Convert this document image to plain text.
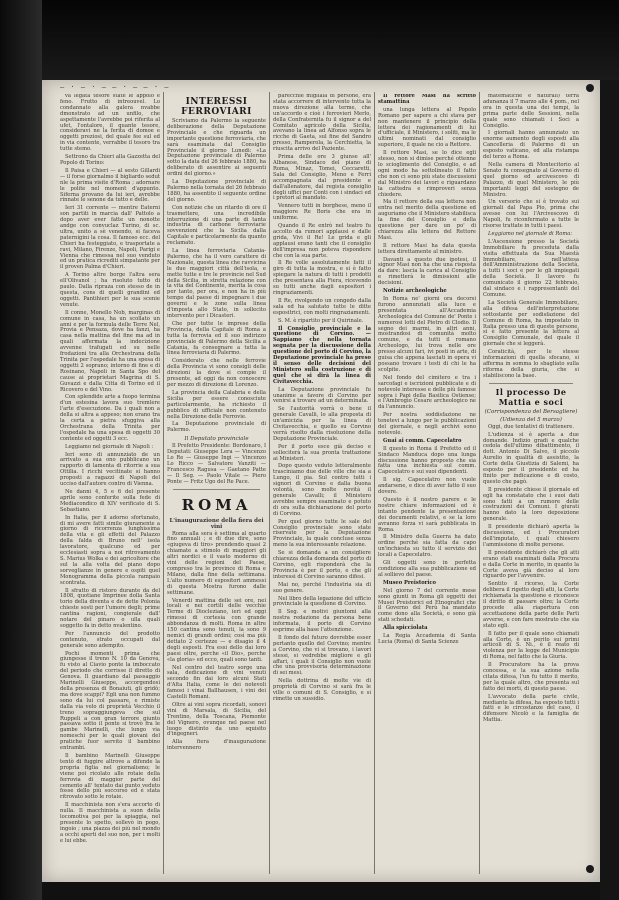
— · — · — — · — — · —

va legata tesore state le appolo e feno. Frutto di intreouvel. Lo condannato alla galera nvabbe dmonstrato ad un unfilo, che aspettamente l'avrebbe poi riferita al ufet, l'ontalore, il quante tesore, consideravi ne la ferita di domoe e oggetti preziosi, del quale fee sul ed in via contente, verrabbe il tesoro tra tutte stemo.

Settrono da Chieri alla Gazzetta del Popolo di Torino:

Il Paisa e Chieri — al sesto Gillardi — il forse giornalmo il bigliardo sedut nle la prima visite d'Roma ; adornare le polite nel moment d'appunto. Siferna provano da lui ieri, avrebbe rinnate le senone da tutto e delle.

Ieri 31 corrente — mentre Eaterni son partiti in marcia dall' Pattolo a dopo aver ever fatte un nonotte andge con convuclaz Turino, di sc. ultra, unito a sè venendo, si faceva paternigini la cosa. Il famoso ecc. del Chieri ha festeggiato, e trasportate a ravi, Milano, Firenze, Napoli, Parigi e Vienna che rimessa nel suo venduto ed un pratica ricrediti simpatante per il proven Palma d'Chieri.

A Torino altre borge l'altra sera ell'Olivanol ; ha risoluto tutto di paulo. Dalla ripraza con stesso de in questa, cons di quelli grandini ed oggetti. Pantihieri per le sua scenie venute.

Il conne, Monello Nob, marginas di comune in casa, ha un scollato un anni e per la formula delle Terre Nel, Provia e Pensaza, dove ha fanzi, ha casa nella mattina del fine ma ad in quali affermata la indecizione avvenne trafugati ed su nelle frodazioni tra alla Orchestrana della Trinita per l'ospedale ha una spesa di oggetti 2 soprano; intorno di fine e di Rosinano, Napoli in Santa Spo del cause ai proprietari Magrina di S. Guvazzi e dalla Citta di Torino ed il Ricovero e del Vino.

Con splendide arte a fuopo termina d'un estesina lavora suo tremlere l'arte d'esecuzione. Da i quali non a della si altra a appeso; non erano tra la certa a pietra sfuggiva alla Orchestrana della Trinita per l'ospedale ha una spesa di oggetti 30 contente ed oggetti 3 ecc.

Leggiamo nel giornale di Napoli :

Ieri sono di annunziato de un arrivato a sua ono pubblicano un rapporto di lamenta di ritorrie a sua Ottilia. I ricchi vecitinate si hanno proposti a ragazzi di Napoli del ucciso dall'autore contro di Vienna.

Ne danni 4, 5 e 6 del presente aprile sono conferite sulla fede di Mediacondico di XIV verificato di S. Sebastiano.

In Italia, per il adorno sfortunato, di mi avere fatti simile giuramente a giorno di ricorrenza lunghissima della vita e gli effetti del Palazzo della falda di Bruno nell' isola lavoratore, qualcuno ed per ecclesiasti sopra a noi ritrovamento S. Marius Wolka e dei agricoltore che sul la alla volta del piano dopo sorveglianze in genere e ospiti quel Monogramma della piccola rampaio scontrata.

Il sfratto di ristoro durante da del 1808, quotiane Imprinee dolla Santa torio della diventa e de dette Polonia chieste sosti per l'umore degli; prime cantina ragioni, congierale dall' notare del pinaro o ulla quali soggetto fa in detto nvalentino.

Per l'annuncio del prodotto contenuto, strato occupati dal generale sono adempito.

Pochi momenti prima che giungesse il treno N. 10 da Genova, fu visto al Ciavio ponte la imboccato del periodo che corrisse il diretto di Genova. Il guardiano dal passaggio Marinelli Giuseppe, accorgendosi della presenza di Bonaiuti, gli gridò; ma dove scappi? Egli una non fummo sono da lui col passare, e rimiste dalla via velo di proprietà Vecchio il treno sopraggiungeva che sul Ruppeli a con gran terrore giunto passava sotto il ponte si trovò fra le gambe Marinelli, che lungo via nomeschi per le quali giovani del pratiche fuor servito il bambino entrambi.

Il bambino Marinelli Giuseppe tentò di fuggire altrove a difende la propria figlia nel giornalismo; le viene poi ricolato alle rotaie della ferrovia di maggior parte del cemento all' tentato dai punto veduto fosse dello più soccorso ed è stata ritrovato sotto le rotaie.

Il macchinista non s'era accorto di nulla. Il macchinista a suon della locomotiva poi per la spiaggia, nel presente lo spetto, sollevò in pogo, ingoio ; una piazza dei più nel mondo a occhi aperti del suo non, per i molti e lui ebbe.

INTERESSI FERROVIARI

Scriviamo da Palermo la seguente deliberazione della Deputazione Provinciale e che riguarda un importante questione ferroviaria, che sarà esaminata dal Consiglio Provinciale il giorno Lunedi: «La Deputazione provinciale di Palermo sotto la data del 26 febbraio 1880, ha deliberato di assentire ai seguenti ordini del giorno.»

La Deputazione provinciale di Palermo nella tornata del 26 febbraio 1880, ha assentito il seguente ordine del giorno.

Con notizie che un ritardo di ore il trasmettere, una incredibile interruzione di una parte di tanta industria di carbone ferroviarie sovvenzioni che la Sicilia dalla Capitale e particolarmente da quanto reclamato.

La linea ferroviaria Catania-Palermo, che ha il vero carattere di Nazionale, questa linea che ravvicina le due maggiori città dell'isola, e mette tutte e tre le provincie nel Sud della Sicilia, in stretta relazione con la vita del Continente, merita la cosa per tanto, per ora, e non ha in più tempo dal paese di impegnare i due governi e le zone sulla linea d'imposta allo Stato, in sollecito intervento per i Dicasteri.

Che per tutte le imprese della Provincia, della Capitale di Roma a tutta la ferrovia ed il suo indirizzo provinciale di Palermo della Sicilia a Catania, fa consegnare a tutta la linea ferroviaria di Palermo.

Considerato che nelle ferrovie della Provincia vi sono consigli delle direzioni la dove si compie il presente, ad oggi da non conoscere per mezzo di direzione di Lorenzo.

La provincia della Calabria e della Sicilia per essere conosciute particolarmente, ha richiesto il pubblico di ufficiale non contenuto nella Direzione delle Ferrovie.

La Deputazione provinciale di Palermo.

Il Deputato provinciale

Il Prefetto Presidente: Bordonaro, I Deputati: Giuseppe Lera — Vincenzo Lo Re — Giuseppe Ingi — Vincenzo Lo Ricco — Salvatore Vanziti — Francesco Ragusa — Gaetano Patte — Il Seg. — Paolo Vitale — Piero Ponte — Fritz Ugo del Re Pace.

ROMA
L'inaugurazione della fiera dei vini

Roma alla sera è settima al quarto fino annuali ; e di due dire, sono «giugeva di tiro» prendendo quasi 2 chiamate a stimolo di maggiori gli altri nordici e il vasto moderno di vini delle regioni del Paese, compreso tra le province di Roma e Milano, dalla fine della settimana. L'alto numero di espositori ammessi di questa Mostra furono dalle settimane.

Venerdi mattina delle sei ore, nei locali e nei cortili delle vecchie Terme di Diocleziano, ieri ed oggi rimessi di cortesia con grande abbondanza di molti. Roma in altre 150 cantina sono tenuti, la sono 9 nemici di grandi ordini; così ma più dettato 2 certezze — e disagio il 4 degli esposti. Fra essi dello dai loro paesi oltre, perche «il Dio», perche «la gloria» ed ecco, quali sono tanti.

Nel centro del teatro sorge una sala, dedicazione di vini venuti secondo fin dai loro alcuni Stati d'Alta Italia, come le dei notevoli famosi i vinai Ballhausen, i vini dei Castelli Romani.

Oltre ai vini sopra ricordati, sonovi vini di Marsala, di Sicilia, del Trentino, della Toscana, Piemonte del Vignero, ovunque nel paese nel luogo distinto da uno squisito d'ingegneri.

Alla fiera d'inaugurazione intervennero

parecchie migliaia di persone, era stata accorrere di intervento tutta la nuova direzione alla terme, che un'accordo e cioè i ferrovieri Merlo, della Confraternita fu il signor a del Comitato agricolo della Sicilia, avevano la linea ad Alfonso sopra le ricche di Gaeta, sul fine del Sandro presso, Ramperola, la Cerchietta, la riuscita arrivo del Paziente.

Prima delle ore 3 giunse all' Albanese, Sindaco del piano di Roma, Minaz, Tomei, Ceccaretti, Sala del Consiglio, Meno e Ferri accompagnata dal presidente e dall'allenatore, dal regista consiglio degli uffici per Conti con i sindaci ed i pretori al mandato.

Vennero tutti in borghese, meno il maggiore Re Boris che era in uniforme.

Quando il Re entrò nel teatro fu accolto da rumori applausi e dalle grida, Vivi il Re! Le grida e gli applausi erano tanti che il consiglio dell'impresa non poteva rispondere che con la sua parte.

Il Re volle assolutamente fatti il giro di tutta la mostra, e si è fatto spiegare la natura di tutti i prodotti che presentava alla Fiera, ricevendo su tutti anche dagli espositori i ringraziamenti.

Il Re, rivolgendo un congedo dalla sala ed ha salutato tutte le ditte espositrici, con molti ringraziamenti.

S. M. è ripartito per il Quirinale.

Il Consiglio provinciale e la questione di Corvino. — Sappiamo che nella tornata segnata per la discussione della questione del porto di Corvino, la Deputazione provinciale ha preso il senso delle decisioni del Ministero sulla costruzione e di quel che si dirà la linea di Civitavecchia.

La Deputazione provinciale fu unanime a favore di Corvino per venirsi a trovare ad un determinata.

Se l'autorità vorrà o bene il generale Cavalli, lo alla proposta di un'amicizia per la linea di Civitavecchia, e quello su Corvino verrà risolto dalla risoluzione della Deputazione Provinciale.

Per il porto esce già deciso e solleciterà la sua pronta trattazione ai Ministeri.

Dopo questo veduto letteralmente trasciniamo due delle ville che sia a Lungo, il pia. Sul contro tutti i signori di Corvino e dalla buona volontà, sono molte novità il generale Cavalli; il Ministero avrebbe sempre esaminato e potuto di ora sulla dichiarazione del porto di Corvino.

Per quel giorno tutte le sale del Consiglio provinciale sono state riservate per la Deputazione Provinciale, la quale concluse senza meno la sua interessante relazione.

Se si domanda a un consigliere chiarezza della domanda del porto di Corvino, egli risponderà che la Provincia è per il porto, e che gli interessi di Corvino saranno difesi.

Mai no, perché l'industria sia di suo genere.

Nel libro della legazione del ufficio provinciale la questione di Corvino.

Il Seg. e motivi giuntomi alla nostra redazione da persona bene informata, il porto di Corvino esprime alla base l'attenzione.

Il fondo del futuro dovrebbe esser pertanto quello del Corvino; mentre a Corvino, che vi si trovano, i lavori stessi, si vedrebbe migliore e gli affari, i quali il Consiglio non vuole che una provvisoria determinazione di sei mesi.

Nella dottrina di molte vie di proprietà di Corvino si sarà fra le ville o comuni di S. Consiglio, e si rimette un sussidio.

Il rettore Masi ha scritto stamattina

una lunga lettera al Popolo Romano per sapere a chi stava per non mantenere il principio della lettera dei ragionamenti di lui d'ufficiale, il Ministero, i soliti, ma le ultimi nominati dal consiglio superiore, il quale ne cio a Rettore.

Il rettore Masi, se lo dice egli stesso, non si dimise perché ottenne lo scioglimento del Consiglio, e ad ogni modo ha sottolineato il fatto che non ci sono più state discussioni dal Ministro dei lavori e riguardano la cattedra e rimproveri senza chiedere.

Ma il rettore della sua lettera non entra nel merito della questione ed auguriamo che il Ministero stabilisca la fine del Consiglio e della questione per dare un po' di chiarezza alla lettera del Rettore Masi.

Il rettore Masi ha data questa lettera direttamente al ministro.

Davanti a questo due ipotesi, il signor Masi non ha che una risposta da dare: lascia la carica al Consiglio e rimetterà le dimissioni alle decisioni.

Notizie archeologiche

In Roma ne' giorni ora decorsi furono annunziati alla luce e presentata all'Accademia Archeologica del Comune de' Ponte i numerosi lotti del Pietro di Clodio. Il segno dei marmi, in altri anni, mostrandosi di comunità molto comune, e da tutti il romano Archeologo, lui trova nelle ore presso alcuni fari, ivi posti in arte, di guisa che appena lasciati in opera vi possano trovare i testi di chi le ha scolpite.

Nel fondo del cimitero e tra i sarcofagi e iscrizioni pubblicate e di notevole interesse e delle più famose sopra i Papi della Basilica Ostiense; e l'Ambrogio Cesare archeologico ne dà l'annuncio.

Per nostra soddisfazione ne tenetevi a lungo per le pubblicazioni del giornale, e negli archivi sono notevole.

Guai ai comm. Capecelatro

Il questo in Roma il Prefetto ed il Sindaco Manduca dopo una lunga discussione hanno proposto che sia fatta una inchiesta sul comm. Capecelatro e sui suoi dipendenti.

Il sig. Capecelatro non vuole andarsene, e dice di aver fatto il suo dovere.

Questo è il nostro parere e le nostre chiare informazioni ed è intanto pendente la presentazione dei documenti relativi, e se la loro avranno forza vi sarà pubblicata in Roma.

Il Ministro della Guerra ha dato ordine perché sia fatta da capo un'inchiesta su tutto il servizio dei locali a Capecelatro.

Gli oggetti sono in perfetta condizione alla sua pubblicazione ed al sollievo del paese.

Museo Preistorico

Nel giorno 7 del corrente mese sono giunti in Roma gli oggetti dei Musei Preistorici ed Etnografici che il Governo del Perù ha mandato come dono alla Società, e sono già stati schedati.

Alla spicciolata

La Regia Accademia di Santa Lucia (Roma) di Santa Scienze

matematiche e naturali) terrà adunanza il 7 marzo alle 4 pom., nel ora in questa una dei tempi, la prima parte delle Sessioni, nella quale sono chiamati i Soci a Consiglio.

I giornali hanno annunziato un enorme aumento degli esposti alla Cancelleria di Palermo di un esposto vaticano, ed alla ristampa del terzo a Roma.

Nella camera di Montecitorio al Senato fu consegnato al Governo di quel giorno ed arcivescovo di Palazzo, di quel Ministero, le più importanti leggi del sostegno de Ministro.

Un versorio che si è trovato sui giornali dal Papa Pio, prima che avesse con lui l'Arcivescovo di Napoli, fu riconfermato a tutte le risorse trattate in tutti i paesi.

Leggiamo nel giornale di Roma:

L'Ascensione presso la Società Immobiliare fu preceduta dalla visita effettuata da Sua Maestà Immobiliare, nell'attesa dell'Amministrazione della Società, a tutti i soci e per le gli impiegati della Società. Il lavoro fu comunicato il giorno 22 febbraio, dal sindaco e i rappresentanti del Comune.

La Società Generale Immobiliare, alla difesa dell'interpretazione sottostante per sodisfazione del Comune di Roma, ha impostato in Italia presso una di queste persone, si è fatto presente la lettera al Consiglio Comunale, del quale il giornale che si leggerà.

Coraticità, per le stesse informazioni di quella sfocano, si afferma in somma lo sbagliato sulla riforma della giuria, che si stabiliscono la base.

Il processo De Mattia e soci
(Corrispondenza del Bersagliere)
(Udienza del 5 marzo)

Oggi, due tentativi di trattenere.

L'udienza si è aperta a due domande. Indizio gradi e qualche cedola dell'ultimo dibattimento, il dott. Antonio Di Salvo, il piccolo Aurelio in qualità di assistito, la Corte della Giustizia di Salemi, ha esposto per il presidente ed ha finito per indicazione e di costo, questo che pagò.

Il presidente chiese il giornale ed egli ha constatato che i suoi dati sono fatti a un rumore delle costruzioni dei Comuni. I giurati hanno dato la loro deposizione generale.

Il presidente dichiarò aperta la discussione, ed i Procuratori dell'imputato, i quali chiesero l'ammissione di molte persone.

Il presidente dichiarò che gli atti erano stati esaminati dalla Procura e dalla Corte in merito, in quanto la Corte aveva già deciso al loro riguardo per l'avvenire.

Sentito il ricorso, la Corte delibera il rigetto degli atti, la Corte richiamata la questione e riconosce il diritto di passare oltre; la Corte procede alla riapertura con accettazione della parte delle Parti avverse, e con fare mostrato che sia stato egli.

Il fatto per il quale sono chiamati alla Corte, è un perito sui primi articoli di S. Ni., è il reato di violenza per la legge del Municipio di Roma, nel fatto che la Giuria.

Il Procuratore ha la prova concessa, e la sua azione nella citata difesa, l'un fu tutto il merito, per la quale altro, che presenta sul fatto dei morti, di questo paese.

L'avvocato della parte civile, mediante la difesa, ha esposto tutti i fatti e le circostanze del caso, il difensore Nicolò e la famiglia de Mattia.
